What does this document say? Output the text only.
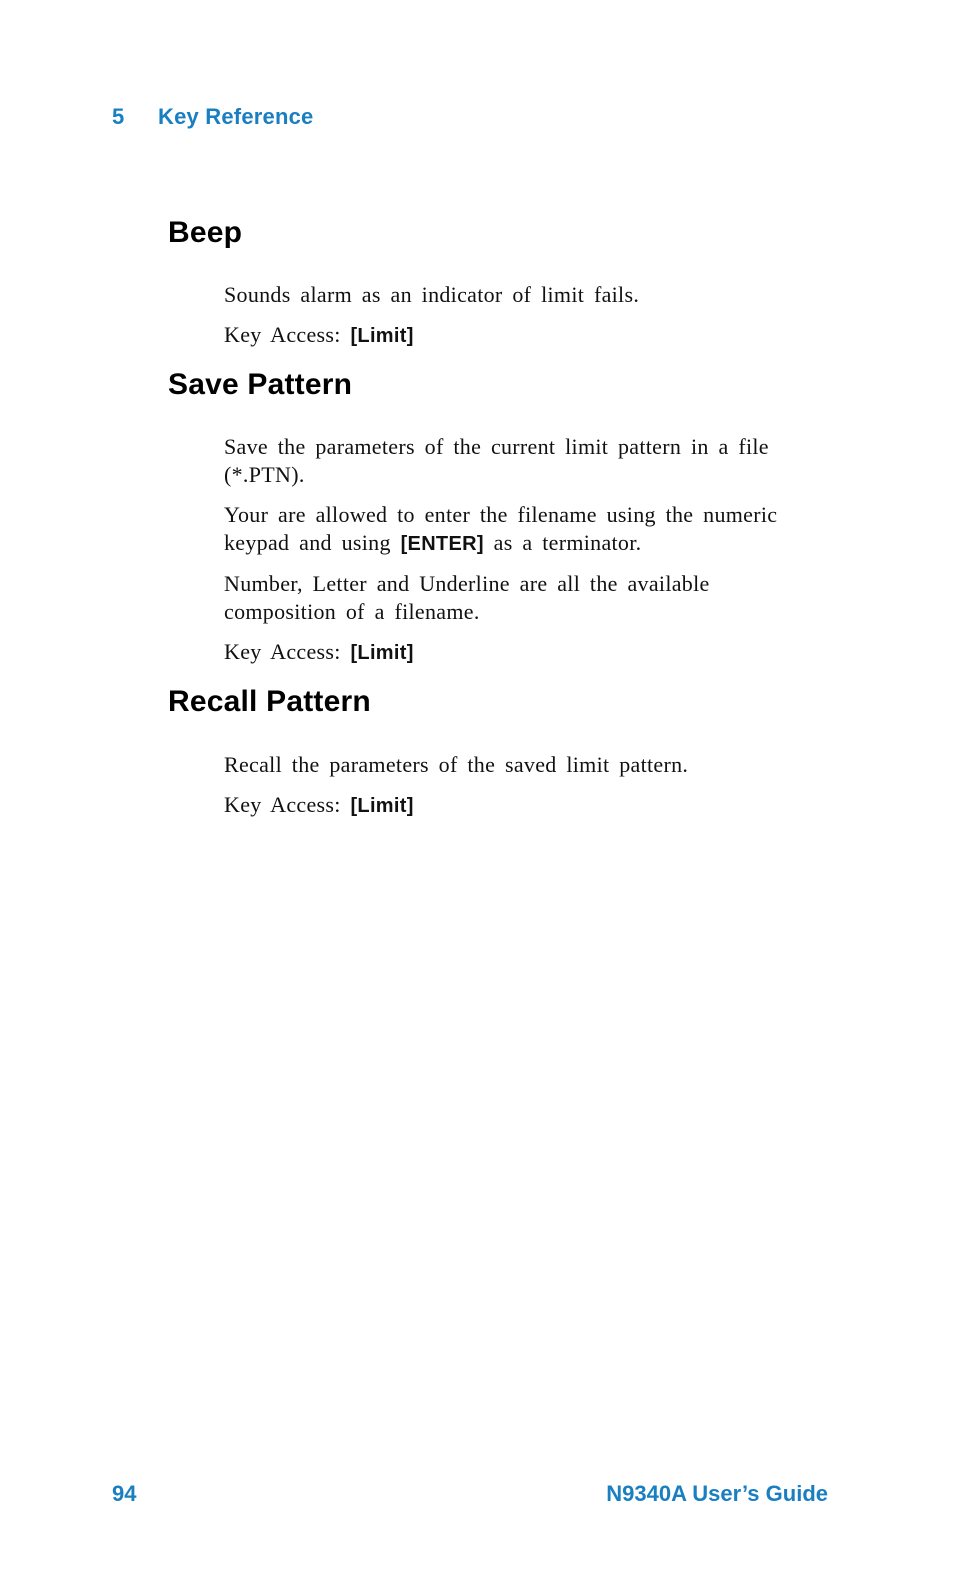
5 Key Reference
Beep

Sounds alarm as an indicator of limit fails.

Key Access: [Limit]

Save Pattern

Save the parameters of the current limit pattern in a file (*.PTN).

Your are allowed to enter the filename using the numeric keypad and using [ENTER] as a terminator.

Number, Letter and Underline are all the available composition of a filename.

Key Access: [Limit]

Recall Pattern

Recall the parameters of the saved limit pattern.

Key Access: [Limit]

94	N9340A User’s Guide
